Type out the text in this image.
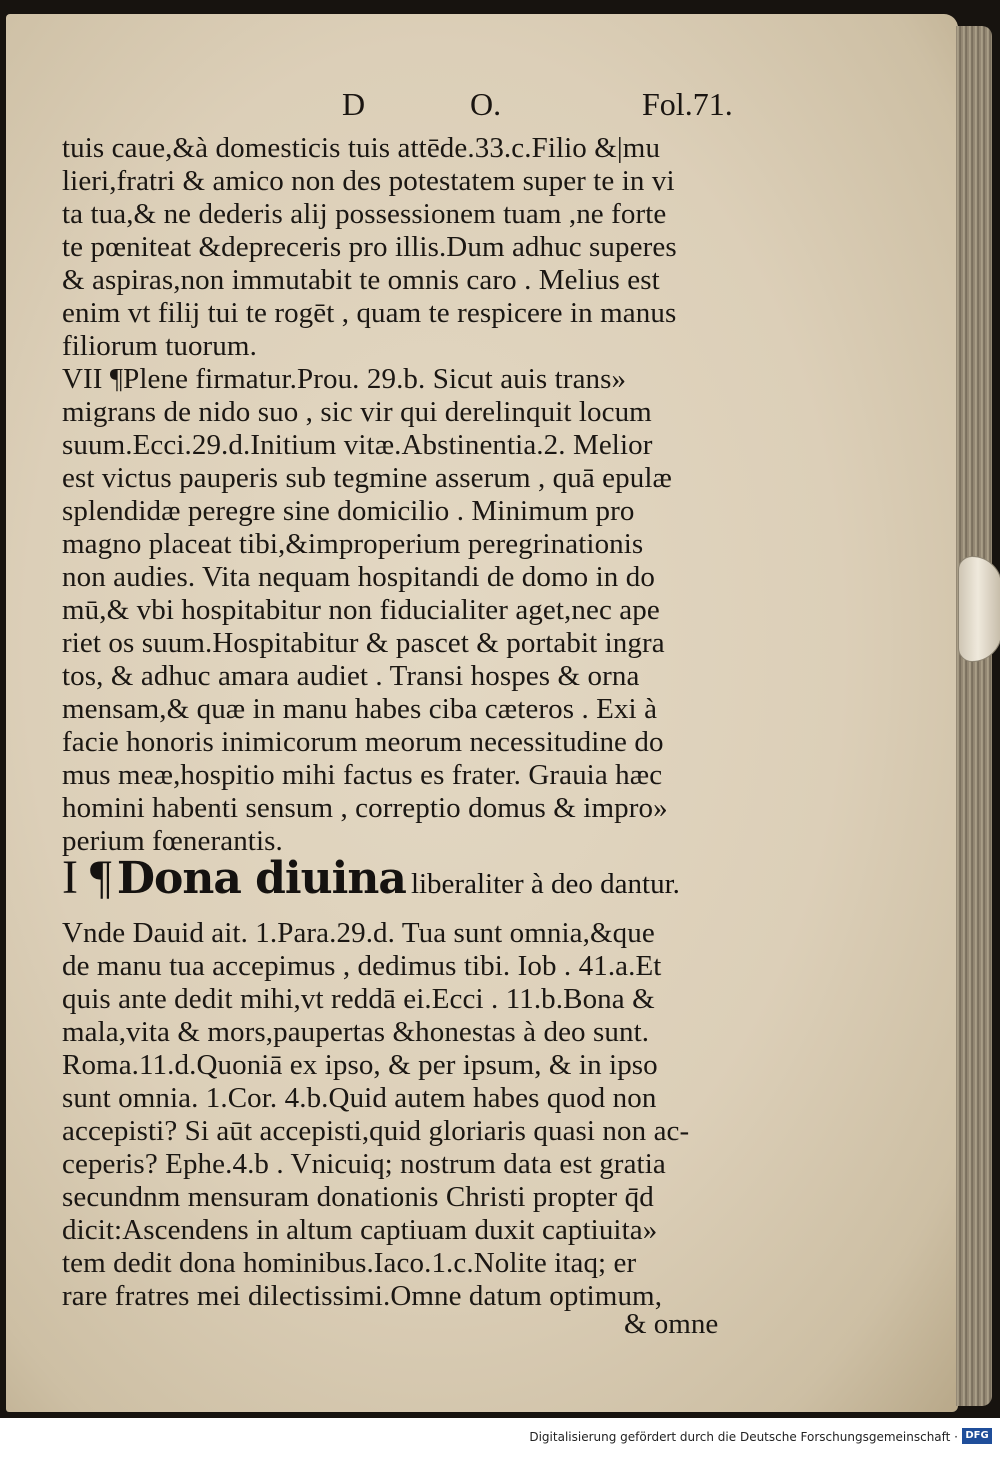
D	O.	Fol.71.
tuis caue,&à domesticis tuis attēde.33.c.Filio &|mu
lieri,fratri & amico non des potestatem super te in vi
ta tua,& ne dederis alij possessionem tuam ,ne forte
te pœniteat &deprecerіs pro illis.Dum adhuc superes
& aspiras,non immutabit te omnis caro . Melius est
enim vt filij tui te rogēt , quam te respicere in manus
filiorum tuorum.
VII ¶Plene firmatur.Prou. 29.b. Sicut auis trans»
migrans de nido suo , sic vir qui derelinquit locum
suum.Ecci.29.d.Initium vitæ.Abstinentia.2. Melior
est victus pauperis sub tegmine asserum , quā epulæ
splendidæ peregre sine domicilio . Minimum pro
magno placeat tibi,&improperium peregrinationis
non audies. Vita nequam hospitandi de domo in do
mū,& vbi hospitabitur non fiducialiter aget,nec ape
riet os suum.Hospitabitur & pascet & portabit ingra
tos, & adhuc amara audiet . Transi hospes & orna
mensam,& quæ in manu habes ciba cæteros . Exi à
facie honoris inimicorum meorum necessitudine do
mus meæ,hospitio mihi factus es frater. Grauia hæc
homini habenti sensum , correptio domus & impro»
perium fœnerantis.
I ¶ Dona diuina liberaliter à deo dantur.
Vnde Dauid ait. 1.Para.29.d. Tua sunt omnia,&que
de manu tua accepimus , dedimus tibi. Iob . 41.a.Et
quis ante dedit mihi,vt reddā ei.Ecci . 11.b.Bona &
mala,vita & mors,paupertas &honestas à deo sunt.
Roma.11.d.Quoniā ex ipso, & per ipsum, & in ipso
sunt omnia. 1.Cor. 4.b.Quid autem habes quod non
accepisti? Si aūt accepisti,quid gloriaris quasi non ac-
ceperis? Ephe.4.b . Vnicuiq; nostrum data est gratia
secundnm mensuram donationis Christi propter q̄d
dicit:Ascendens in altum captiuam duxit captiuita»
tem dedit dona hominibus.Iaco.1.c.Nolite itaq; er
rare fratres mei dilectissimi.Omne datum optimum,
& omne
Digitalisierung gefördert durch die Deutsche Forschungsgemeinschaft · DFG
